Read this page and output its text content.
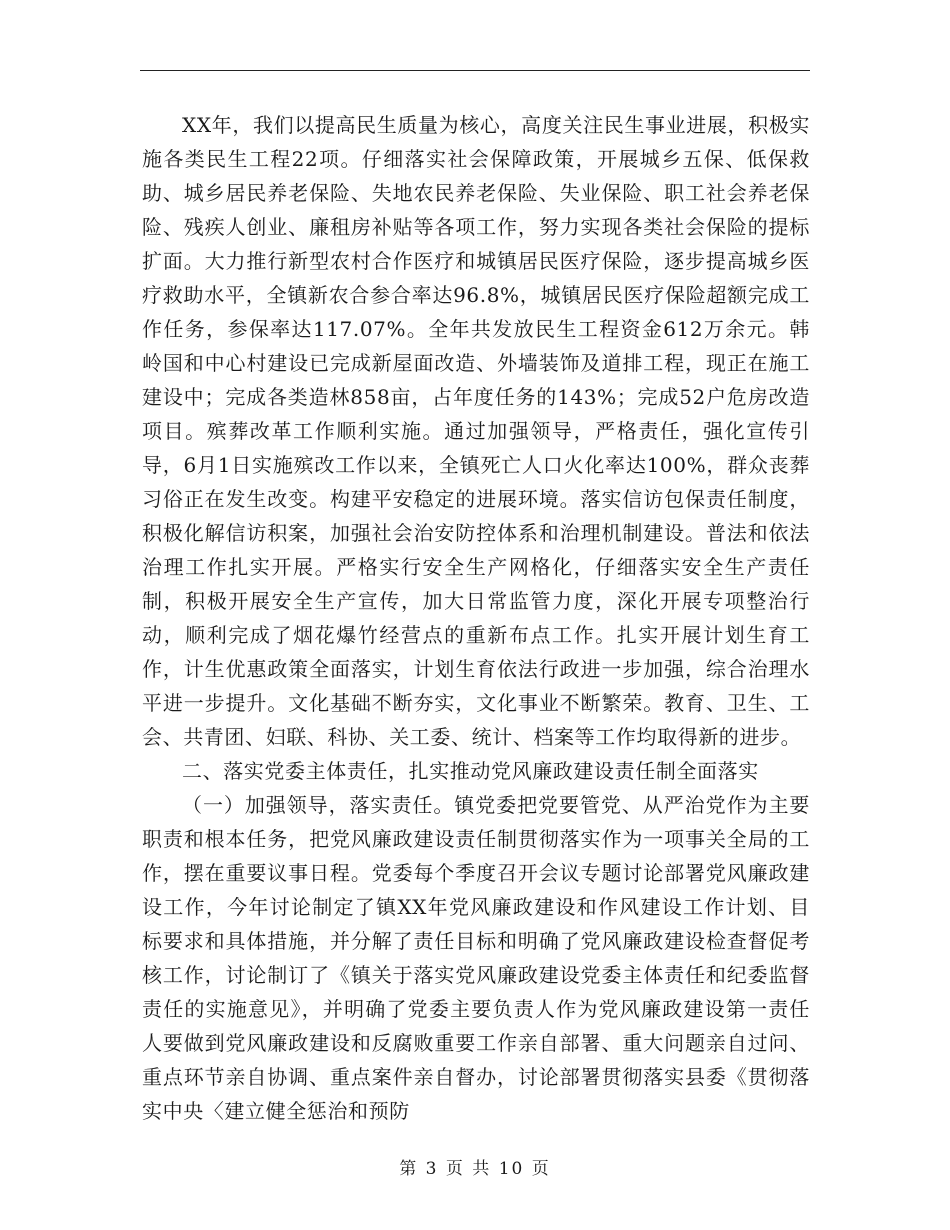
XX年，我们以提高民生质量为核心，高度关注民生事业进展，积极实施各类民生工程22项。仔细落实社会保障政策，开展城乡五保、低保救助、城乡居民养老保险、失地农民养老保险、失业保险、职工社会养老保险、残疾人创业、廉租房补贴等各项工作，努力实现各类社会保险的提标扩面。大力推行新型农村合作医疗和城镇居民医疗保险，逐步提高城乡医疗救助水平，全镇新农合参合率达96.8%，城镇居民医疗保险超额完成工作任务，参保率达117.07%。全年共发放民生工程资金612万余元。韩岭国和中心村建设已完成新屋面改造、外墙装饰及道排工程，现正在施工建设中；完成各类造林858亩，占年度任务的143%；完成52户危房改造项目。殡葬改革工作顺利实施。通过加强领导，严格责任，强化宣传引导，6月1日实施殡改工作以来，全镇死亡人口火化率达100%，群众丧葬习俗正在发生改变。构建平安稳定的进展环境。落实信访包保责任制度，积极化解信访积案，加强社会治安防控体系和治理机制建设。普法和依法治理工作扎实开展。严格实行安全生产网格化，仔细落实安全生产责任制，积极开展安全生产宣传，加大日常监管力度，深化开展专项整治行动，顺利完成了烟花爆竹经营点的重新布点工作。扎实开展计划生育工作，计生优惠政策全面落实，计划生育依法行政进一步加强，综合治理水平进一步提升。文化基础不断夯实，文化事业不断繁荣。教育、卫生、工会、共青团、妇联、科协、关工委、统计、档案等工作均取得新的进步。

二、落实党委主体责任，扎实推动党风廉政建设责任制全面落实

（一）加强领导，落实责任。镇党委把党要管党、从严治党作为主要职责和根本任务，把党风廉政建设责任制贯彻落实作为一项事关全局的工作，摆在重要议事日程。党委每个季度召开会议专题讨论部署党风廉政建设工作，今年讨论制定了镇XX年党风廉政建设和作风建设工作计划、目标要求和具体措施，并分解了责任目标和明确了党风廉政建设检查督促考核工作，讨论制订了《镇关于落实党风廉政建设党委主体责任和纪委监督责任的实施意见》，并明确了党委主要负责人作为党风廉政建设第一责任人要做到党风廉政建设和反腐败重要工作亲自部署、重大问题亲自过问、重点环节亲自协调、重点案件亲自督办，讨论部署贯彻落实县委《贯彻落实中央〈建立健全惩治和预防

第 3 页 共 10 页
